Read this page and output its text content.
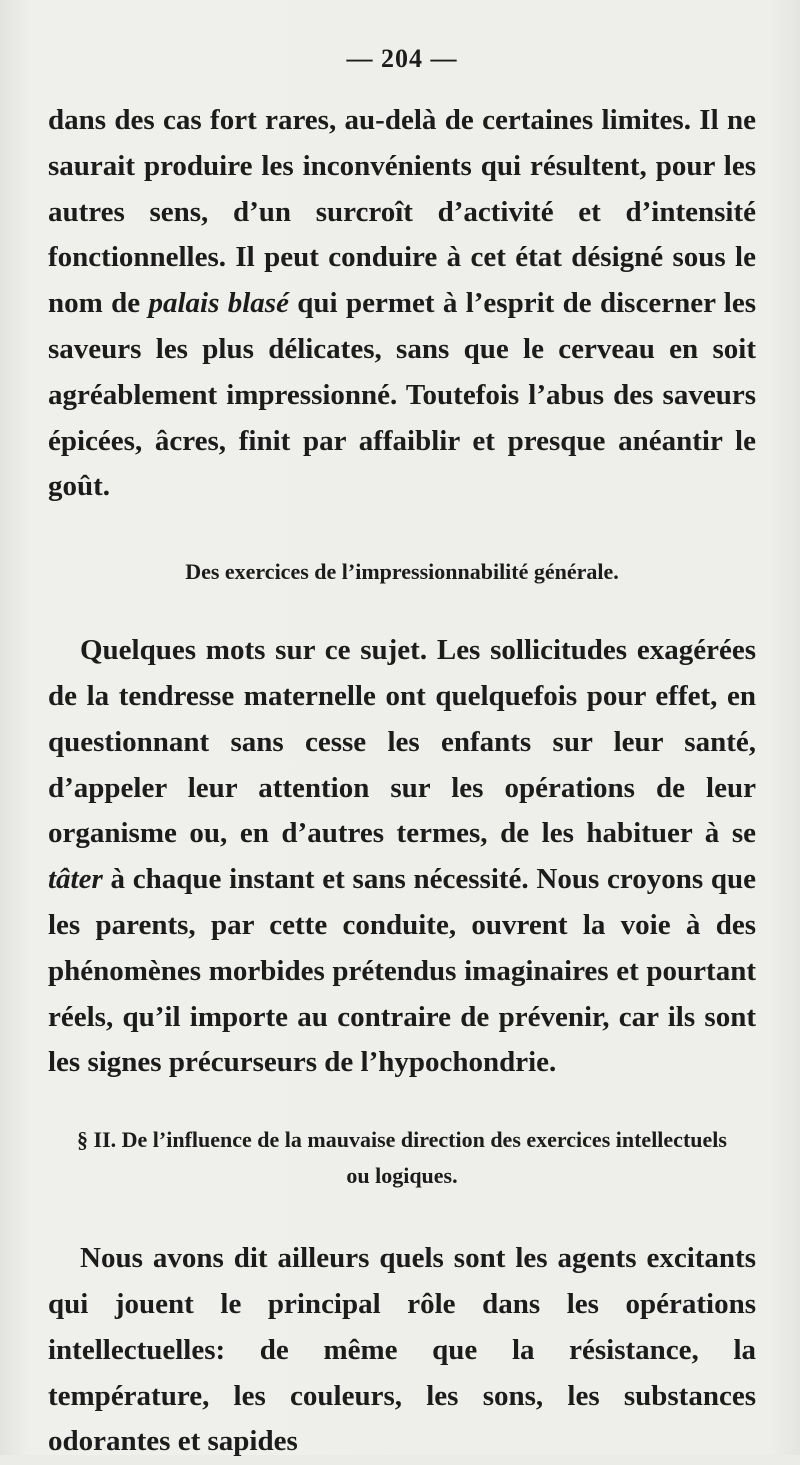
— 204 —

dans des cas fort rares, au-delà de certaines limites. Il ne saurait produire les inconvénients qui résultent, pour les autres sens, d’un surcroît d’activité et d’intensité fonctionnelles. Il peut conduire à cet état désigné sous le nom de palais blasé qui permet à l’esprit de discerner les saveurs les plus délicates, sans que le cerveau en soit agréablement impressionné. Toutefois l’abus des saveurs épicées, âcres, finit par affaiblir et presque anéantir le goût.

Des exercices de l’impressionnabilité générale.

Quelques mots sur ce sujet. Les sollicitudes exagérées de la tendresse maternelle ont quelquefois pour effet, en questionnant sans cesse les enfants sur leur santé, d’appeler leur attention sur les opérations de leur organisme ou, en d’autres termes, de les habituer à se tâter à chaque instant et sans nécessité. Nous croyons que les parents, par cette conduite, ouvrent la voie à des phénomènes morbides prétendus imaginaires et pourtant réels, qu’il importe au contraire de prévenir, car ils sont les signes précurseurs de l’hypochondrie.

§ II. De l’influence de la mauvaise direction des exercices intellectuels ou logiques.

Nous avons dit ailleurs quels sont les agents excitants qui jouent le principal rôle dans les opérations intellectuelles: de même que la résistance, la température, les couleurs, les sons, les substances odorantes et sapides
